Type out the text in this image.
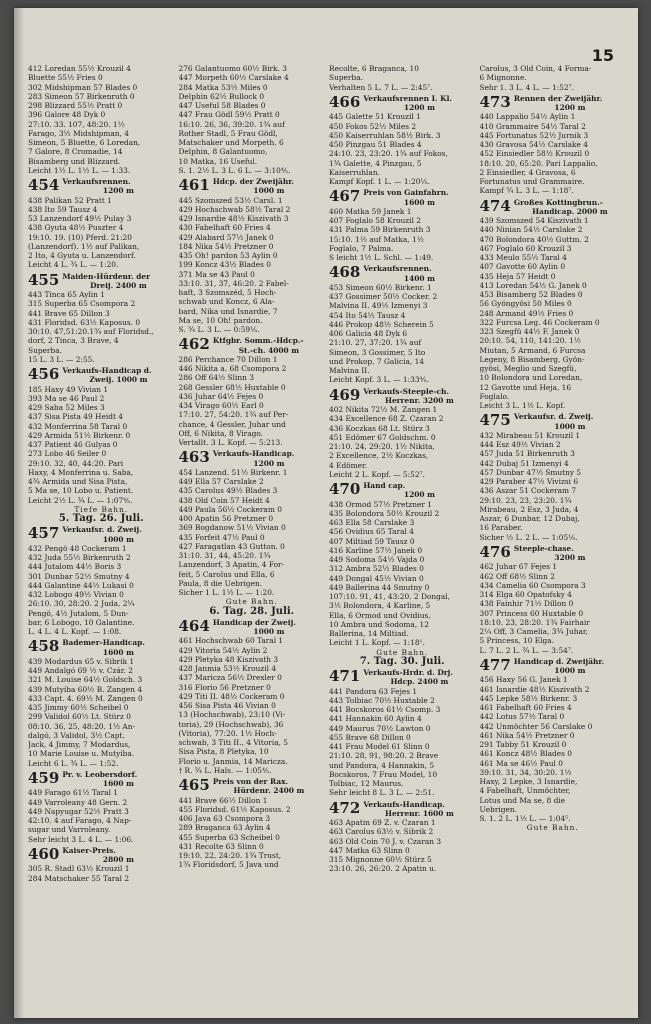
15

412 Loredan 55½ Krouzil 4

Bluette 55½ Fries 0

302 Midshipman 57 Blades 0

283 Simeon 57 Birkenruth 0

298 Blizzard 55½ Pratt 0

396 Galore 48 Dyk 0

27:10. 33. 107, 48:20. 1½

Farago, 3½ Midshipman, 4

Simeon, 5 Bluette, 6 Loredan,

7 Galore, 8 Cromadie, 14

Bisamberg und Blizzard.

Leicht 1½ L. 1½ L. — 1:33.

454 Verkaufsrennen.
1200 m

438 Palikan 52 Pratt 1

438 Ito 59 Tausz 4

53 Lanzendorf 49½ Pulay 3

438 Gyuta 48½ Puszter 4

19:10. 19. (10) Pferd. 21:20

(Lanzendorf). 1½ auf Palikan,

2 Ito, 4 Gyuta u. Lanzendorf.

Leicht 4 L. ¾ L. — 1:20.

455 Maiden-Hürdenr. der
Dreij. 2400 m

443 Tinca 65 Aylin 1

315 Superba 65 Csompora 2

441 Brave 65 Dillon 3

431 Floridsd. 63½ Kaposus. 0

30:10. 47,51:20.1¾ auf Floridsd.,

dorf, 2 Tinca, 3 Brave, 4

Superba.

15 L. 3 L. — 2:55.

456 Verkaufs-Handicap d.
Zweij. 1000 m

185 Haxy 49 Vivian 1

393 Ma se 46 Paul 2

429 Saba 52 Miles 3

437 Sisa Pista 49 Heidt 4

432 Monferrina 58 Taral 0

429 Armida 51½ Birkenr. 0

437 Patient 46 Gulyas 0

273 Lobo 46 Seiler 0

29:10. 32, 40, 44:20. Pari

Haxy, 4 Monferrina u. Saba,

4¾ Armida und Sisa Pista,

5 Ma se, 10 Lobo u. Patient.

Leicht 2½ L. ¾ L. — 1:07⅘.

Tiefe Bahn.

5. Tag. 26. Juli.

457 Verkaufsr. d. Zweij.
1000 m

432 Pengö 48 Cockeram 1

432 Juda 55½ Birkenruth 2

444 Jutalom 44½ Boris 3

301 Dunbar 52½ Smutny 4

444 Galantine 44½ Lukasi 0

432 Lobogo 49½ Vivian 0

26:10. 30, 28:20. 2 Juda, 2¼

Pengö, 4½ Jutalom, 5 Dun-

bar, 6 Lobogo, 10 Galantine.

L. 4 L. 4 L. Kopf. — 1:08.

458 Bademer-Handicap.
1600 m

439 Modardus 65 v. Sibrik 1

449 Andalgó 69 ½ v. Czár. 2

321 M. Louise 64½ Goldsch. 3

439 Mutyiba 60½ B. Zangen 4

433 Capt. 4. 69½ M. Zangen 0

435 Jimmy 60½ Scheibel 0

299 Validol 60½ Lt. Stürz 0

08:10. 36, 25, 48:20. 1½ An-

dalgó, 3 Validol, 3½ Capt.

Jack, 4 Jimmy, 7 Modardus,

10 Marie Louise u. Mutyiba.

Leicht 6 L. ¾ L. — 1:52.

459 Pr. v. Leobersdorf.
1600 m

449 Farago 61½ Taral 1

449 Varroleany 48 Gern. 2

449 Napyugar 52½ Pratt 3

42:10. 4 auf Farago, 4 Nap-

sugar und Varroleany.

Sehr leicht 3 L. 4 L. — 1:06.

460 Kaiser-Preis.
2800 m

305 R. Stadl 63½ Krouzil 1

284 Matschaker 55 Taral 2

276 Galantuomo 60½ Birk. 3

447 Morpeth 60½ Carslake 4

284 Matka 53½ Miles 0

Delphin 62½ Bullock 0

447 Useful 58 Blades 0

447 Frau Gödl 59½ Pratt 0

16:10. 26, 36, 39:20. 1¾ auf

Rother Stadl, 5 Frau Gödl,

Matschaker und Morpeth, 6

Delphin, 8 Galantuomo,

10 Matka, 16 Useful.

S. 1. 2½ L. 3 L. 6 L. — 3:10⅘.

461 Hdcp. der Zweijähr.
1000 m

445 Szomszed 53½ Carsl. 1

429 Hochschwab 58½ Taral 2

429 Isnardie 48½ Kiszivath 3

430 Fabelhaft 60 Fries 4

429 Alabard 57½ Janek 0

184 Nika 54½ Pretzner 0

435 Oh! pardon 53 Aylin 0

199 Koncz 43½ Blades 0

371 Ma se 43 Paul 0

33:10. 31, 37, 46:20. 2 Fabel-

haft, 3 Szomszéd, 5 Hoch-

schwab und Koncz, 6 Ala-

bard, Nika und Isnardie, 7

Ma se, 10 Oh! pardon.

S. ¾ L. 3 L. — 0:59⅕.

462 Ktfgbr. Somm.-Hdcp.-
St.-ch. 4000 m

286 Perchance 70 Dillon 1

446 Nikita a. 68 Csompora 2

286 Off 64½ Slinn 3

268 Gessler 68½ Huxtable 0

436 Juhar 64½ Fejes 0

434 Virago 60½ Earl 0

17:10. 27, 54:20. 1¾ auf Per-

chance, 4 Gessler, Juhar und

Off, 6 Nikita, 8 Virago.

Vertallt. 3 L. Kopf. — 5:213.

463 Verkaufs-Handicap.
1200 m

454 Lanzend. 51½ Birkenr. 1

449 Ella 57 Carslake 2

435 Carolus 49½ Blades 3

438 Old Coin 57 Heidt 4

449 Paula 56½ Cockeram 0

400 Apatin 56 Pretzner 0

369 Bogdanow 51½ Vivian 0

435 Forfeit 47½ Paul 0

427 Faragatlan 43 Gutton. 0

31:10. 31, 44, 45:20. 1¾

Lanzendorf, 3 Apatin, 4 For-

feit, 5 Carolus und Ella, 6

Paula, 8 die Uebrigen.

Sicher 1 L. 1½ L. — 1:20.

Gute Bahn.

6. Tag. 28. Juli.

464 Handicap der Zweij.
1000 m

461 Hochschwab 60 Taral 1

429 Vitoria 54½ Aylin 2

429 Pletyka 48 Kiszivath 3

428 Janmia 53½ Krouzil 4

437 Maricza 56½ Drexler 0

316 Florio 56 Pretzner 0

429 Titi II. 48½ Cockeram 0

456 Sisa Pista 46 Vivian 0

13 (Hochschwab), 23:10 (Vi-

toria), 29 (Hochschwab), 36

(Vitoria), 77:20. 1½ Hoch-

schwab, 3 Titi II., 4 Vitoria, 5

Sisa Pista, 8 Pletyka, 10

Florio u. Janmia, 14 Maricza.

† R. ¾ L. Hals. — 1:05⅘.

465 Preis von der Rax.
Hürdenr. 2400 m

441 Brave 66½ Dillon 1

455 Floridsd. 61½ Kaposus. 2

406 Java 63 Csompora 3

289 Braganca 63 Aylin 4

455 Superba 63 Scheibel 0

431 Recolte 63 Slinn 0

19:10. 22, 24:20. 1¾ Trust,

1¾ Floridsdorf, 5 Java und

Recolte, 6 Braganca, 10

Superba.

Verhalten 5 L. 7 L. — 2:45⁷.

466 Verkaufsrennen I. Kl.
1200 m

445 Galette 51 Krouzil 1

450 Fokos 52½ Miles 2

450 Kaiserruhlan 58½ Birk. 3

450 Pinzgau 51 Blades 4

24:10. 23, 23:20. 1¾ auf Fokos,

1¾ Galette, 4 Pinzgau, 5

Kaiserruhlan.

Kampf Kopf. 1 L. — 1:20⅕.

467 Preis von Gainfahrn.
1600 m

460 Matka 59 Janek 1

407 Foglalo 58 Krouzil 2

431 Palma 59 Birkenruth 3

15:10. 1½ auf Matka, 1½

Foglalo, 7 Palma.

S leicht 1½ L. Schl. — 1:49.

468 Verkaufsrennen.
1400 m

453 Simeon 60½ Birkenr. 1

437 Gossimer 50½ Cocker. 2

Malvina II. 49½ Izmenyi 3

454 Ito 54½ Tausz 4

446 Prokop 48½ Scherein 5

406 Galicia 48 Dyk 6

21:10. 27, 37:20. 1¾ auf

Simeon, 3 Gossimer, 5 Ito

und Prokop, 7 Galicia, 14

Malvina II.

Leicht Kopf. 3 L. — 1:33⅘.

469 Verkaufs-Steeple-ch.
Herrenr. 3200 m

402 Nikita 72½ M. Zangen 1

434 Excellence 68 Z. Czaran 2

436 Koczkas 68 Lt. Stürz 3

451 Edömer 67 Goldschm. 0

21:10. 24, 29:20. 1½ Nikita,

2 Excellence, 2½ Koczkas,

4 Edömer.

Leicht 2 L. Kopf. — 5:52⁷.

470 Hand cap.
1200 m

438 Ormod 57½ Pretzner 1

435 Bolondora 50½ Krouzil 2

463 Ella 58 Carslake 3

456 Ovidius 65 Taral 4

407 Miltiad 59 Tausz 0

416 Karline 57½ Janek 0

449 Sodoma 54½ Vajda 0

312 Ambra 52½ Blades 0

449 Dongal 45½ Vivian 0

449 Ballerina 44 Smutny 0

107:10. 91, 41, 43:20. 2 Dongal,

3½ Bolondora, 4 Karline, 5

Ella, 6 Ormod und Ovidius,

10 Ambra und Sodoma, 12

Ballerina, 14 Miltiad.

Leicht 1 L. Kopf. — 1:18¹.

Gute Bahn.

7. Tag. 30. Juli.

471 Verkaufs-Hrdr. d. Drj.
Hdcp. 2400 m

441 Pandora 63 Fejes 1

443 Tolbiac 70½ Huxtable 2

441 Bocskoros 61½ Csomp. 3

441 Hannakin 60 Aylin 4

449 Maurus 70½ Lawton 0

455 Brave 68 Dillon 0

441 Frau Model 61 Slinn 0

21:10. 28, 91, 98:20. 2 Brave

und Pandora, 4 Hannakin, 5

Bocskoros, 7 Frau Model, 10

Tolbiac, 12 Maurus.

Sehr leicht 8 L. 3 L. — 2:51.

472 Verkaufs-Handicap.
Herrenr. 1600 m

463 Apatin 69 Z. v. Czaran 1

463 Carolus 63½ v. Sibrik 2

463 Old Coin 70 J. v. Czaran 3

447 Matka 63 Slinn 0

315 Mignonne 60½ Stürz 5

23:10. 26, 26:20. 2 Apatin u.

Carolus, 3 Old Coin, 4 Forma-

6 Mignonne.

Sehr 1. 3 L. 4 L. — 1:52⁷.

473 Rennen der Zweijähr.
1200 m

440 Lappalio 54½ Aylin 1

410 Grammaire 54½ Taral 2

445 Fortunatus 52½ Jurnik 3

430 Gravosa 54½ Carslake 4

452 Einsiedler 58½ Krouzil 0

18:10. 20, 65:20. Pari Lappalio,

2 Einsiedler, 4 Gravosa, 6

Fortunatus und Grammaire.

Kampf ¾ L. 3 L. — 1:18⁷.

474 Großes Kottingbrun.-
Handicap. 2000 m

439 Szomszed 54 Kiszivath 1

440 Ninian 54½ Carslake 2

470 Bolondora 40½ Guttm. 2

467 Foglalo 60 Krouzil 3

433 Meulo 55½ Taral 4

407 Gavotte 60 Aylin 0

435 Heja 57 Heidt 0

413 Loredan 54½ G. Janek 0

453 Bisamberg 52 Blades 0

56 Gyöngyösi 50 Miles 0

248 Armand 49½ Fries 0

322 Furcsa Leg. 46 Cockeram 0

323 Szegfü 44½ F. Janek 0

20:10. 54, 110, 141:20. 1½

Miutan, 5 Armand, 6 Furcsa

Legeny, 8 Bisamberg, Gyön-

gyösi, Meglio und Szegfü,

10 Bolondora und Loredan,

12 Gavotte und Heja, 16

Foglalo.

Leicht 3 L. 1½ L. Kopf.

475 Verkaufsr. d. Zweij.
1000 m

432 Mirabeau 51 Krouzil 1

444 Esz 49½ Vivian 2

457 Juda 51 Birkenruth 3

442 Dubaj 51 Izmenyi 4

457 Dunbar 47½ Smutny 5

429 Paraber 47½ Vivizsi 6

436 Aszar 51 Cockeram 7

29:10. 23, 23, 23:20. 1¾

Mirabeau, 2 Esz, 3 Juda, 4

Aszar, 6 Dunbar, 12 Dubaj,

16 Paraber.

Sicher ½ L. 2 L. — 1:05⅕.

476 Steeple-chase.
3200 m

462 Juhar 67 Fejes 1

462 Off 68½ Slinn 2

434 Camelia 60 Csompora 3

314 Elga 60 Opatofsky 4

438 Fainhir 71½ Dillon 0

307 Princess 60 Huxtable 0

18:10. 23, 28:20. 1¾ Fairhair

2¼ Off, 3 Camelia, 3¾ Juhar,

5 Princess, 10 Elga.

L. 7 L. 2 L. ¾ L. — 3:54⁷.

477 Handicap d. Zweijähr.
1000 m

456 Haxy 56 G. Janek 1

461 Isnardie 48½ Kiszivath 2

445 Lepke 58½ Birkenr. 3

461 Fabelhaft 60 Fries 4

442 Lotus 57½ Taral 0

442 Unmöchter 56 Carslake 0

461 Nika 54½ Pretzner 0

291 Tabby 51 Krouzil 0

461 Koncz 48½ Blades 0

461 Ma se 46½ Paul 0

39:10. 31, 34, 30:20. 1½

Haxy, 2 Lepke, 3 Isnardie,

4 Fabelhaft, Unmöchter,

Lotus und Ma se, 8 die

Uebrigen.

S. 1. 2 L. 1½ L. — 1:04⁵.

Gute Bahn.
